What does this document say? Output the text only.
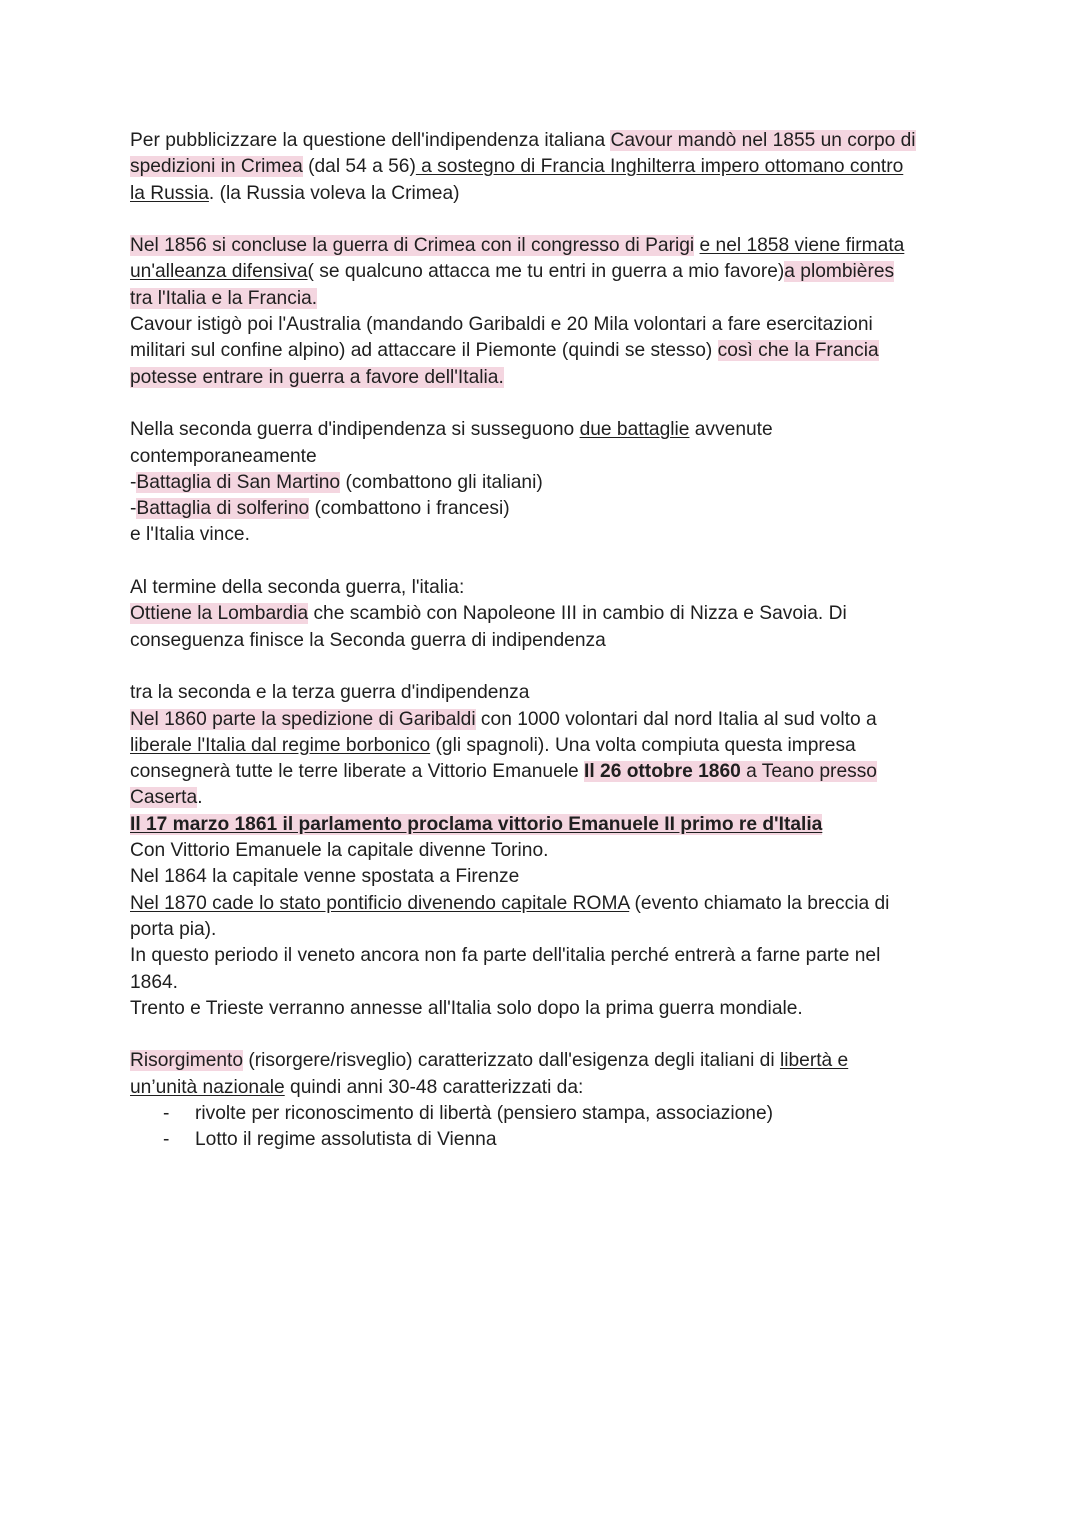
Per pubblicizzare la questione dell'indipendenza italiana Cavour mandò nel 1855 un corpo di
spedizioni in Crimea (dal 54 a 56) a sostegno di Francia Inghilterra impero ottomano contro
la Russia. (la Russia voleva la Crimea)

Nel 1856 si concluse la guerra di Crimea con il congresso di Parigi e nel 1858 viene firmata
un'alleanza difensiva( se qualcuno attacca me tu entri in guerra a mio favore)a plombières
tra l'Italia e la Francia.
Cavour istigò poi l'Australia (mandando Garibaldi e 20 Mila volontari a fare esercitazioni
militari sul confine alpino) ad attaccare il Piemonte (quindi se stesso) così che la Francia
potesse entrare in guerra a favore dell'Italia.

Nella seconda guerra d'indipendenza si susseguono due battaglie avvenute
contemporaneamente
-Battaglia di San Martino (combattono gli italiani)
-Battaglia di solferino (combattono i francesi)
e l'Italia vince.

Al termine della seconda guerra, l'italia:
Ottiene la Lombardia che scambiò con Napoleone III in cambio di Nizza e Savoia. Di
conseguenza finisce la Seconda guerra di indipendenza

tra la seconda e la terza guerra d'indipendenza
Nel 1860 parte la spedizione di Garibaldi con 1000 volontari dal nord Italia al sud volto a
liberale l'Italia dal regime borbonico (gli spagnoli). Una volta compiuta questa impresa
consegnerà tutte le terre liberate a Vittorio Emanuele Il 26 ottobre 1860 a Teano presso
Caserta.
Il 17 marzo 1861 il parlamento proclama vittorio Emanuele II primo re d'Italia
Con Vittorio Emanuele la capitale divenne Torino.
Nel 1864 la capitale venne spostata a Firenze
Nel 1870 cade lo stato pontificio divenendo capitale ROMA (evento chiamato la breccia di
porta pia).
In questo periodo il veneto ancora non fa parte dell'italia perché entrerà a farne parte nel
1864.
Trento e Trieste verranno annesse all'Italia solo dopo la prima guerra mondiale.

Risorgimento (risorgere/risveglio) caratterizzato dall'esigenza degli italiani di libertà e
un’unità nazionale quindi anni 30-48 caratterizzati da:
- rivolte per riconoscimento di libertà (pensiero stampa, associazione)
- Lotto il regime assolutista di Vienna
